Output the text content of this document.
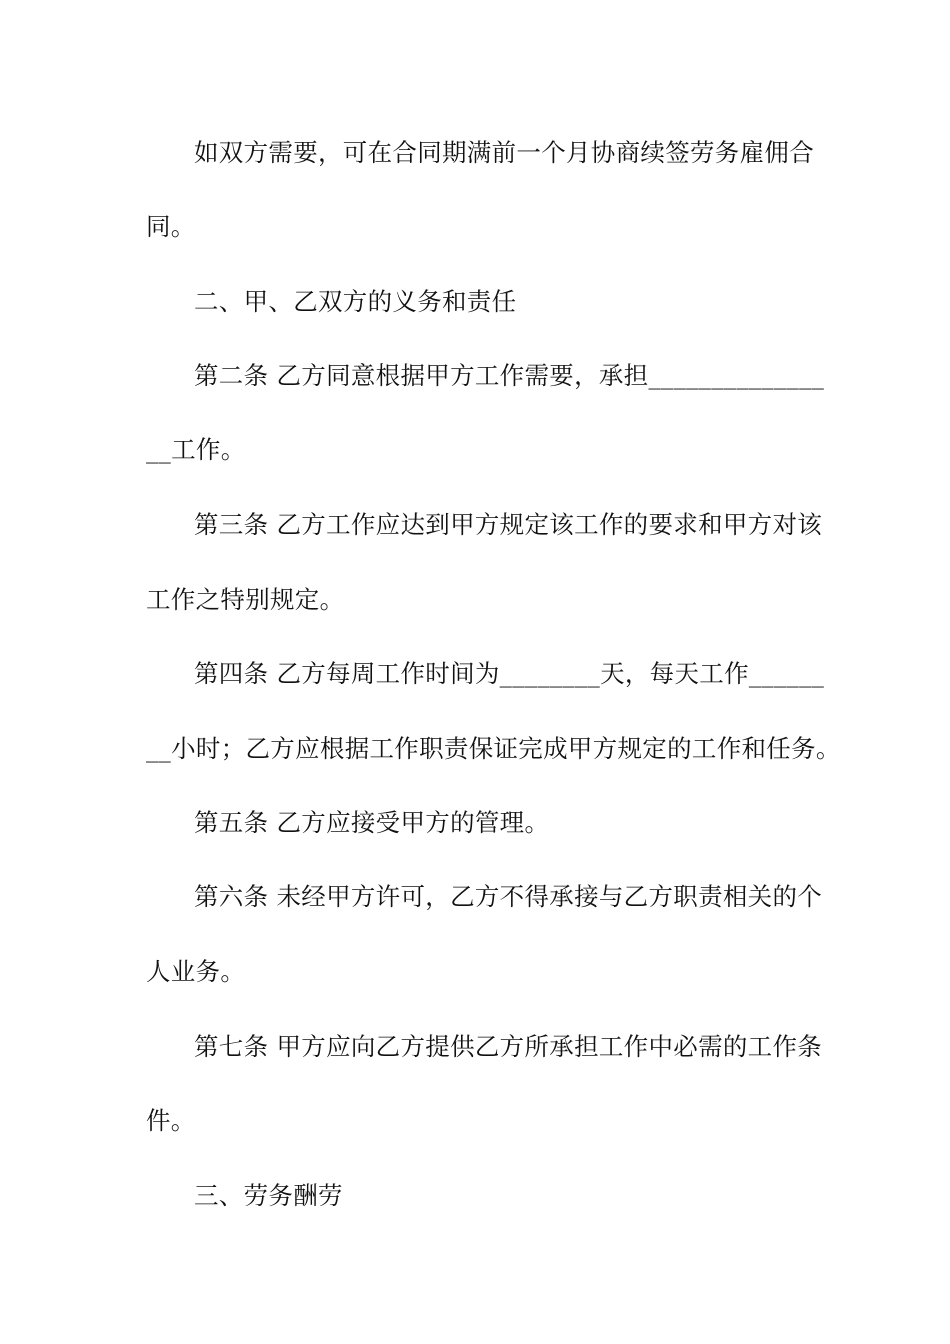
如双方需要，可在合同期满前一个月协商续签劳务雇佣合
同。
二、甲、乙双方的义务和责任
第二条 乙方同意根据甲方工作需要，承担______________
__工作。
第三条 乙方工作应达到甲方规定该工作的要求和甲方对该
工作之特别规定。
第四条 乙方每周工作时间为________天，每天工作______
__小时；乙方应根据工作职责保证完成甲方规定的工作和任务。
第五条 乙方应接受甲方的管理。
第六条 未经甲方许可，乙方不得承接与乙方职责相关的个
人业务。
第七条 甲方应向乙方提供乙方所承担工作中必需的工作条
件。
三、劳务酬劳
